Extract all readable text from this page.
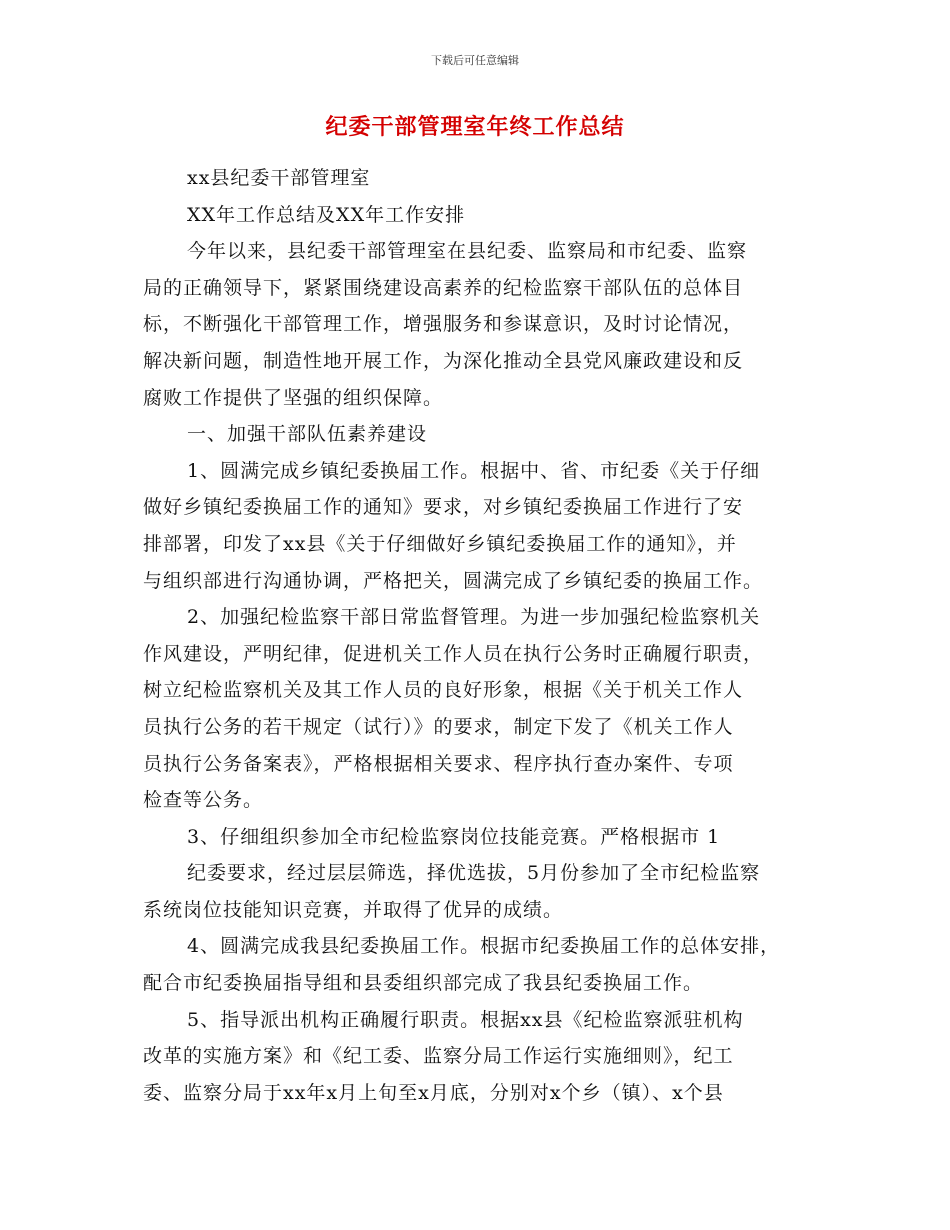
下载后可任意编辑
纪委干部管理室年终工作总结
xx县纪委干部管理室
XX年工作总结及XX年工作安排
今年以来，县纪委干部管理室在县纪委、监察局和市纪委、监察
局的正确领导下，紧紧围绕建设高素养的纪检监察干部队伍的总体目
标，不断强化干部管理工作，增强服务和参谋意识，及时讨论情况，
解决新问题，制造性地开展工作，为深化推动全县党风廉政建设和反
腐败工作提供了坚强的组织保障。
一、加强干部队伍素养建设
1、圆满完成乡镇纪委换届工作。根据中、省、市纪委《关于仔细
做好乡镇纪委换届工作的通知》要求，对乡镇纪委换届工作进行了安
排部署，印发了xx县《关于仔细做好乡镇纪委换届工作的通知》，并
与组织部进行沟通协调，严格把关，圆满完成了乡镇纪委的换届工作。
2、加强纪检监察干部日常监督管理。为进一步加强纪检监察机关
作风建设，严明纪律，促进机关工作人员在执行公务时正确履行职责，
树立纪检监察机关及其工作人员的良好形象，根据《关于机关工作人
员执行公务的若干规定（试行）》的要求，制定下发了《机关工作人
员执行公务备案表》，严格根据相关要求、程序执行查办案件、专项
检查等公务。
3、仔细组织参加全市纪检监察岗位技能竞赛。严格根据市 1
纪委要求，经过层层筛选，择优选拔，5月份参加了全市纪检监察
系统岗位技能知识竞赛，并取得了优异的成绩。
4、圆满完成我县纪委换届工作。根据市纪委换届工作的总体安排，
配合市纪委换届指导组和县委组织部完成了我县纪委换届工作。
5、指导派出机构正确履行职责。根据xx县《纪检监察派驻机构
改革的实施方案》和《纪工委、监察分局工作运行实施细则》，纪工
委、监察分局于xx年x月上旬至x月底，分别对x个乡（镇）、x个县
